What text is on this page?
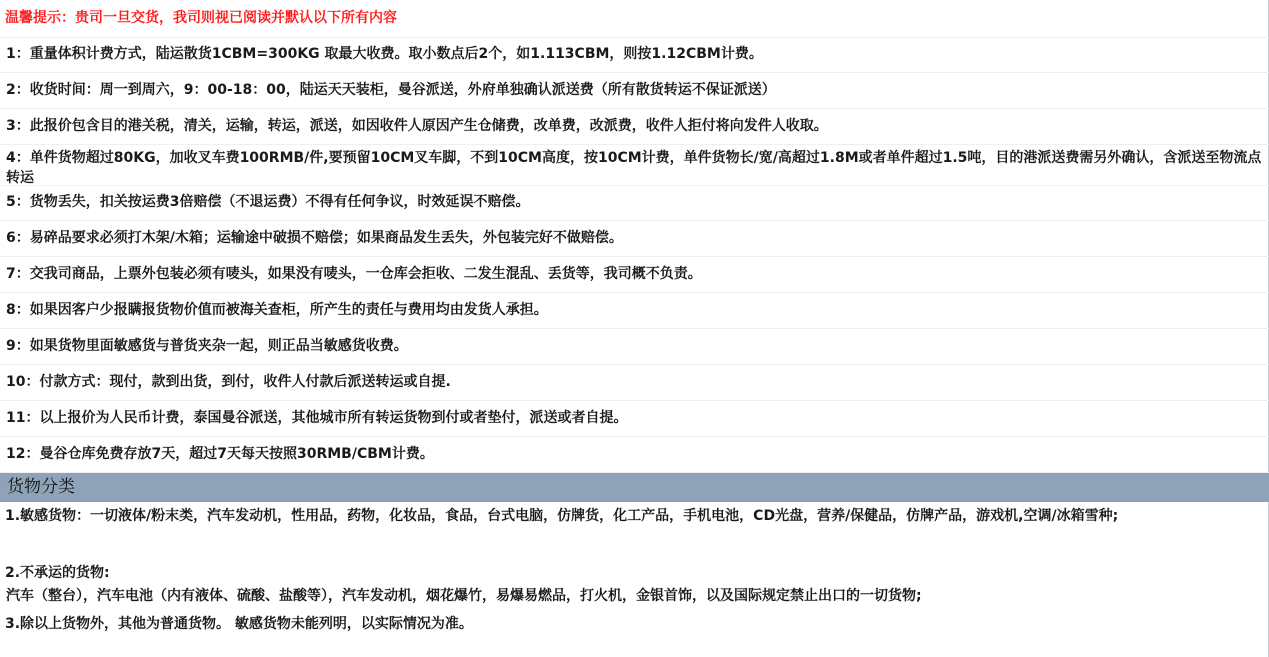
温馨提示：贵司一旦交货，我司则视已阅读并默认以下所有内容
1：重量体积计费方式，陆运散货1CBM=300KG 取最大收费。取小数点后2个，如1.113CBM，则按1.12CBM计费。
2：收货时间：周一到周六，9：00-18：00，陆运天天装柜，曼谷派送，外府单独确认派送费（所有散货转运不保证派送）
3：此报价包含目的港关税，清关，运输，转运，派送，如因收件人原因产生仓储费，改单费，改派费，收件人拒付将向发件人收取。
4：单件货物超过80KG，加收叉车费100RMB/件,要预留10CM叉车脚，不到10CM高度，按10CM计费，单件货物长/宽/高超过1.8M或者单件超过1.5吨，目的港派送费需另外确认，含派送至物流点转运
5：货物丢失，扣关按运费3倍赔偿（不退运费）不得有任何争议，时效延误不赔偿。
6：易碎品要求必须打木架/木箱；运输途中破损不赔偿；如果商品发生丢失，外包装完好不做赔偿。
7：交我司商品，上票外包装必须有唛头，如果没有唛头，一仓库会拒收、二发生混乱、丢货等，我司概不负责。
8：如果因客户少报瞒报货物价值而被海关查柜，所产生的责任与费用均由发货人承担。
9：如果货物里面敏感货与普货夹杂一起，则正品当敏感货收费。
10：付款方式：现付，款到出货，到付，收件人付款后派送转运或自提.
11：以上报价为人民币计费，泰国曼谷派送，其他城市所有转运货物到付或者垫付，派送或者自提。
12：曼谷仓库免费存放7天，超过7天每天按照30RMB/CBM计费。
货物分类
1.敏感货物：一切液体/粉末类，汽车发动机，性用品，药物，化妆品，食品，台式电脑，仿牌货，化工产品，手机电池，CD光盘，营养/保健品，仿牌产品，游戏机,空调/冰箱雪种;
2.不承运的货物:
汽车（整台），汽车电池（内有液体、硫酸、盐酸等），汽车发动机，烟花爆竹，易爆易燃品，打火机，金银首饰，以及国际规定禁止出口的一切货物;
3.除以上货物外，其他为普通货物。 敏感货物未能列明，以实际情况为准。
